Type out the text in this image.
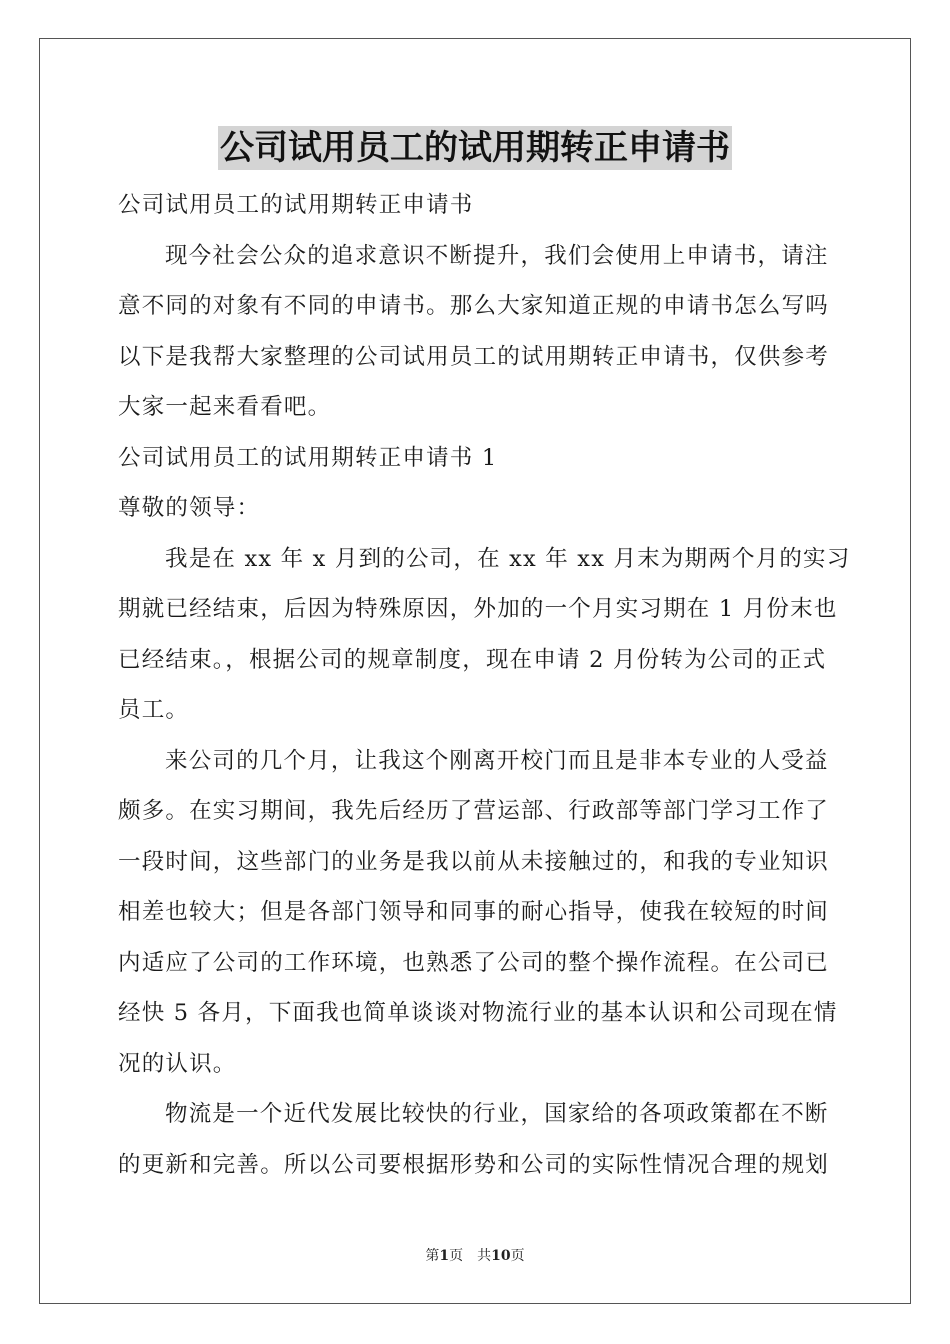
公司试用员工的试用期转正申请书
公司试用员工的试用期转正申请书
现今社会公众的追求意识不断提升，我们会使用上申请书，请注
意不同的对象有不同的申请书。那么大家知道正规的申请书怎么写吗
以下是我帮大家整理的公司试用员工的试用期转正申请书，仅供参考
大家一起来看看吧。
公司试用员工的试用期转正申请书 1
尊敬的领导：
我是在 xx 年 x 月到的公司，在 xx 年 xx 月末为期两个月的实习
期就已经结束，后因为特殊原因，外加的一个月实习期在 1 月份末也
已经结束。，根据公司的规章制度，现在申请 2 月份转为公司的正式
员工。
来公司的几个月，让我这个刚离开校门而且是非本专业的人受益
颇多。在实习期间，我先后经历了营运部、行政部等部门学习工作了
一段时间，这些部门的业务是我以前从未接触过的，和我的专业知识
相差也较大；但是各部门领导和同事的耐心指导，使我在较短的时间
内适应了公司的工作环境，也熟悉了公司的整个操作流程。在公司已
经快 5 各月，下面我也简单谈谈对物流行业的基本认识和公司现在情
况的认识。
物流是一个近代发展比较快的行业，国家给的各项政策都在不断
的更新和完善。所以公司要根据形势和公司的实际性情况合理的规划
第1页 共10页
